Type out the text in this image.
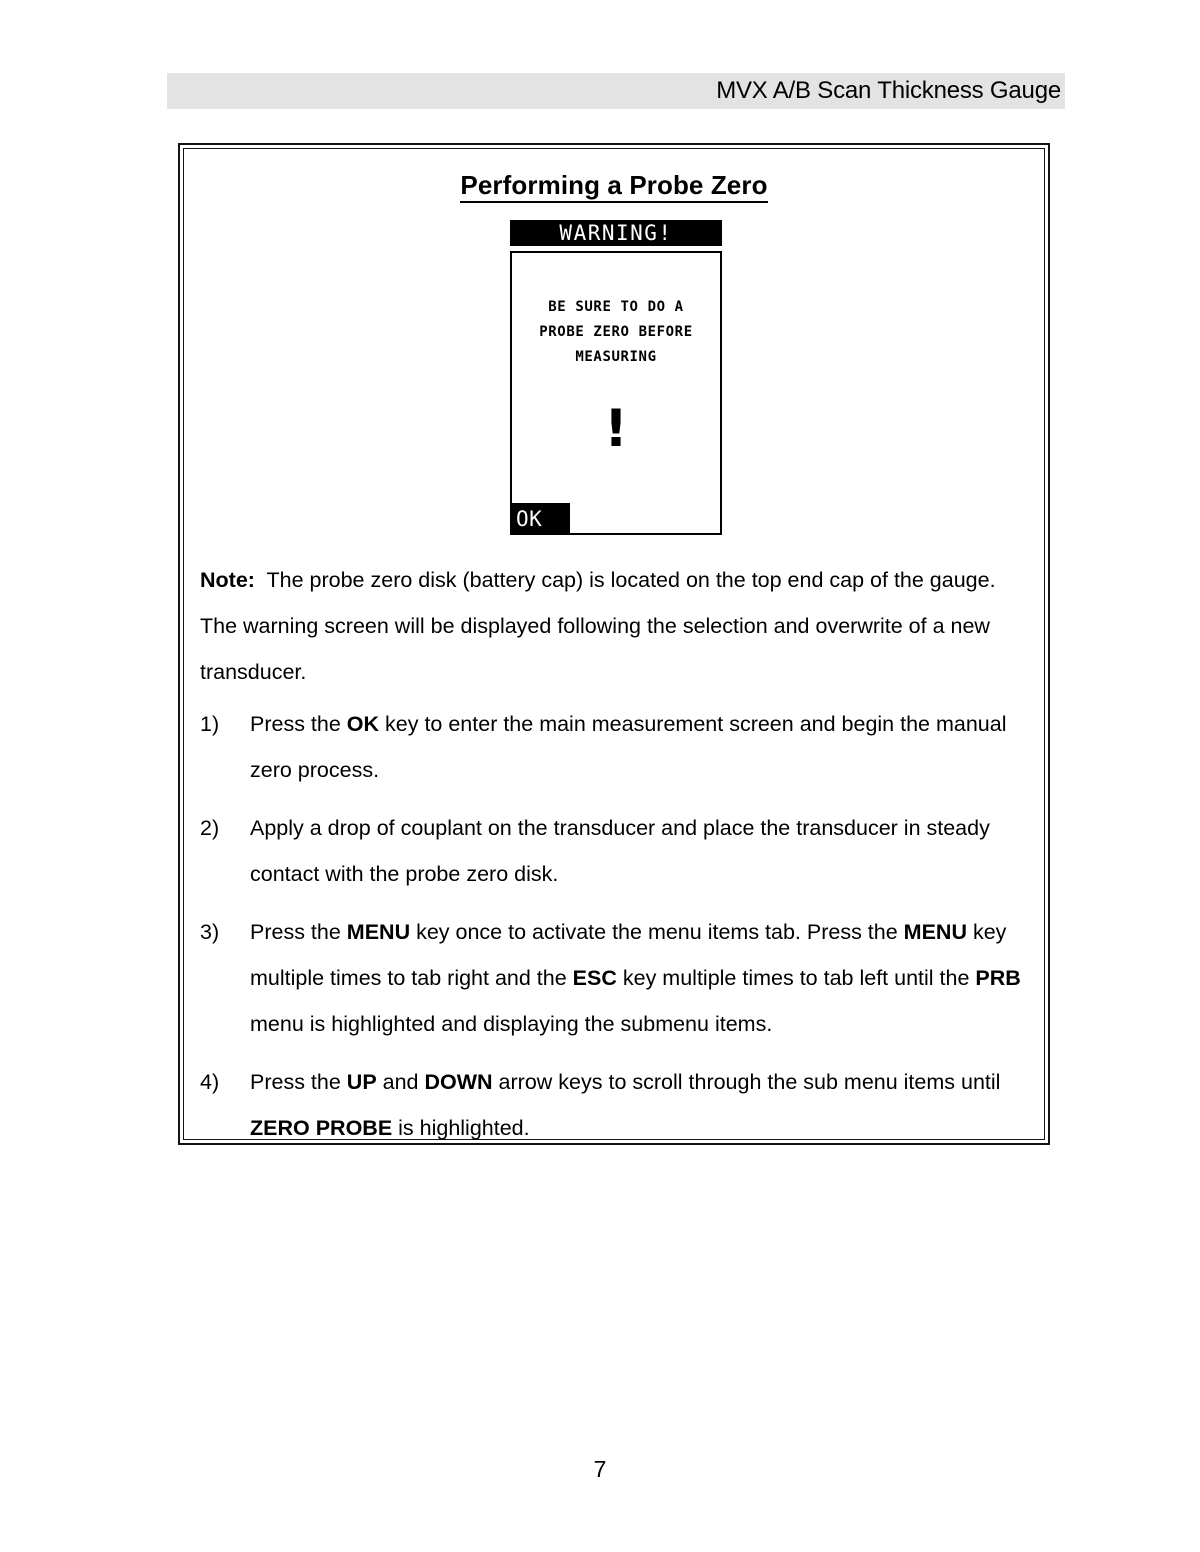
MVX A/B Scan Thickness Gauge
Performing a Probe Zero
WARNING!
BE SURE TO DO A
PROBE ZERO BEFORE
MEASURING
!
OK
Note: The probe zero disk (battery cap) is located on the top end cap of the gauge. The warning screen will be displayed following the selection and overwrite of a new transducer.
1)	Press the OK key to enter the main measurement screen and begin the manual zero process.
2)	Apply a drop of couplant on the transducer and place the transducer in steady contact with the probe zero disk.
3)	Press the MENU key once to activate the menu items tab. Press the MENU key multiple times to tab right and the ESC key multiple times to tab left until the PRB menu is highlighted and displaying the submenu items.
4)	Press the UP and DOWN arrow keys to scroll through the sub menu items until ZERO PROBE is highlighted.
7
